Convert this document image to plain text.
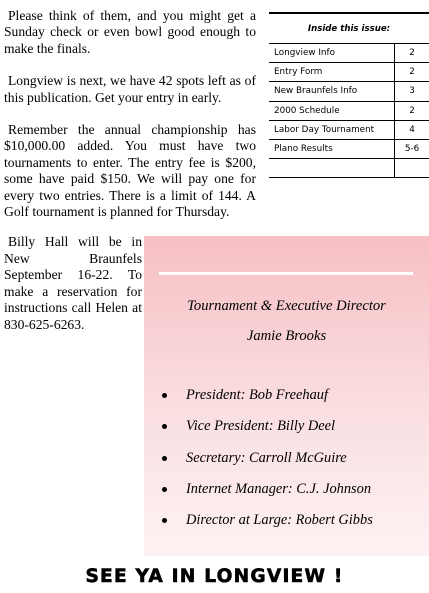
Please think of them, and you might get a Sunday check or even bowl good enough to make the finals.

Longview is next, we have 42 spots left as of this publication. Get your entry in early.

Remember the annual championship has $10,000.00 added. You must have two tournaments to enter. The entry fee is $200, some have paid $150. We will pay one for every two entries. There is a limit of 144. A Golf tournament is planned for Thursday.

Billy Hall will be in New Braunfels September 16-22. To make a reservation for instructions call Helen at 830-625-6263.

Inside this issue:
Longview Info	2
Entry Form	2
New Braunfels Info	3
2000 Schedule	2
Labor Day Tournament	4
Plano Results	5-6
Tournament & Executive Director
Jamie Brooks
President: Bob Freehauf
Vice President: Billy Deel
Secretary: Carroll McGuire
Internet Manager: C.J. Johnson
Director at Large: Robert Gibbs
SEE YA IN LONGVIEW !
